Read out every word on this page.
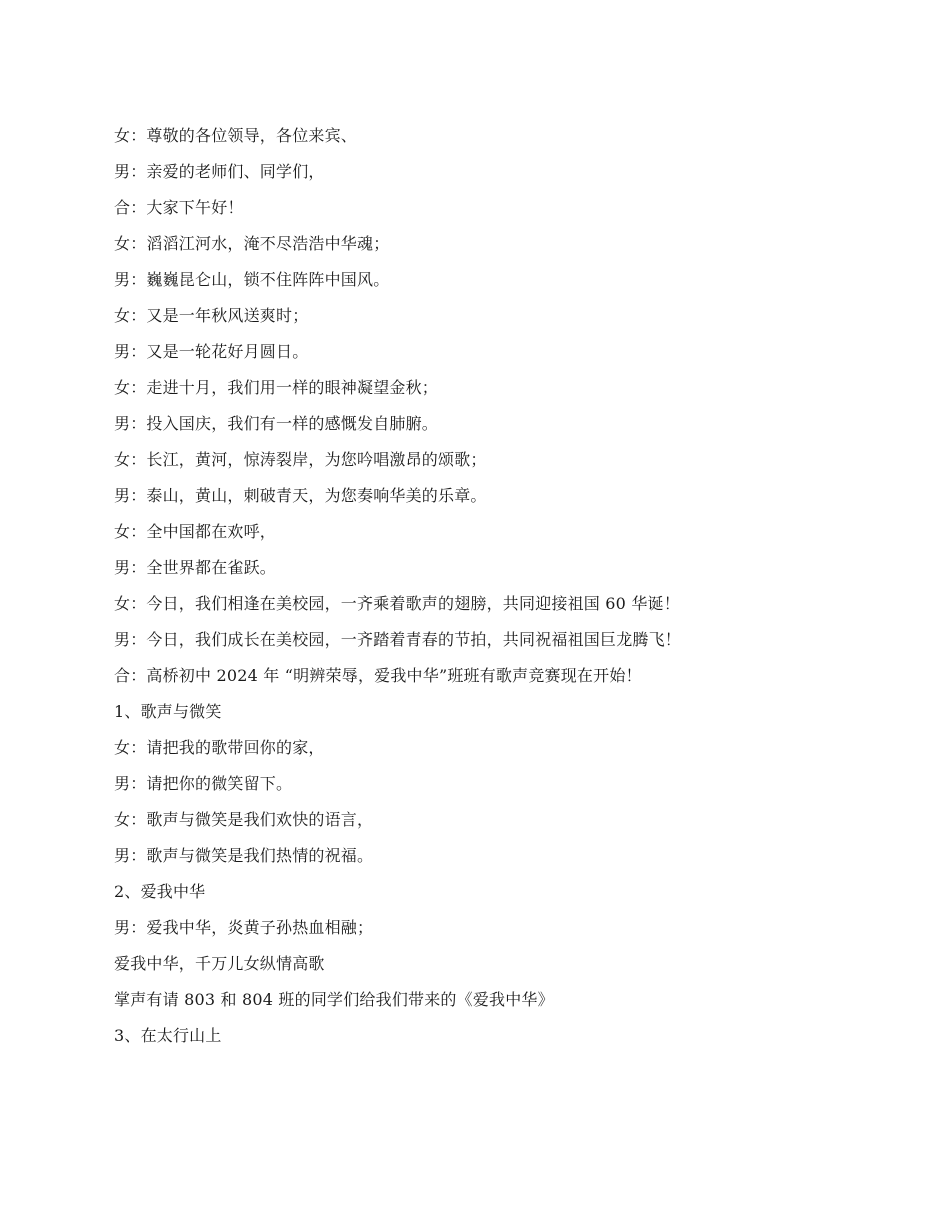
女：尊敬的各位领导，各位来宾、
男：亲爱的老师们、同学们，
合：大家下午好！
女：滔滔江河水，淹不尽浩浩中华魂；
男：巍巍昆仑山，锁不住阵阵中国风。
女：又是一年秋风送爽时；
男：又是一轮花好月圆日。
女：走进十月，我们用一样的眼神凝望金秋；
男：投入国庆，我们有一样的感慨发自肺腑。
女：长江，黄河，惊涛裂岸，为您吟唱激昂的颂歌；
男：泰山，黄山，刺破青天，为您奏响华美的乐章。
女：全中国都在欢呼，
男：全世界都在雀跃。
女：今日，我们相逢在美校园，一齐乘着歌声的翅膀，共同迎接祖国 60 华诞！
男：今日，我们成长在美校园，一齐踏着青春的节拍，共同祝福祖国巨龙腾飞！
合：高桥初中 2024 年 “明辨荣辱，爱我中华”班班有歌声竞赛现在开始！
1、歌声与微笑
女：请把我的歌带回你的家，
男：请把你的微笑留下。
女：歌声与微笑是我们欢快的语言，
男：歌声与微笑是我们热情的祝福。
2、爱我中华
男：爱我中华，炎黄子孙热血相融；
爱我中华，千万儿女纵情高歌
掌声有请 803 和 804 班的同学们给我们带来的《爱我中华》
3、在太行山上
